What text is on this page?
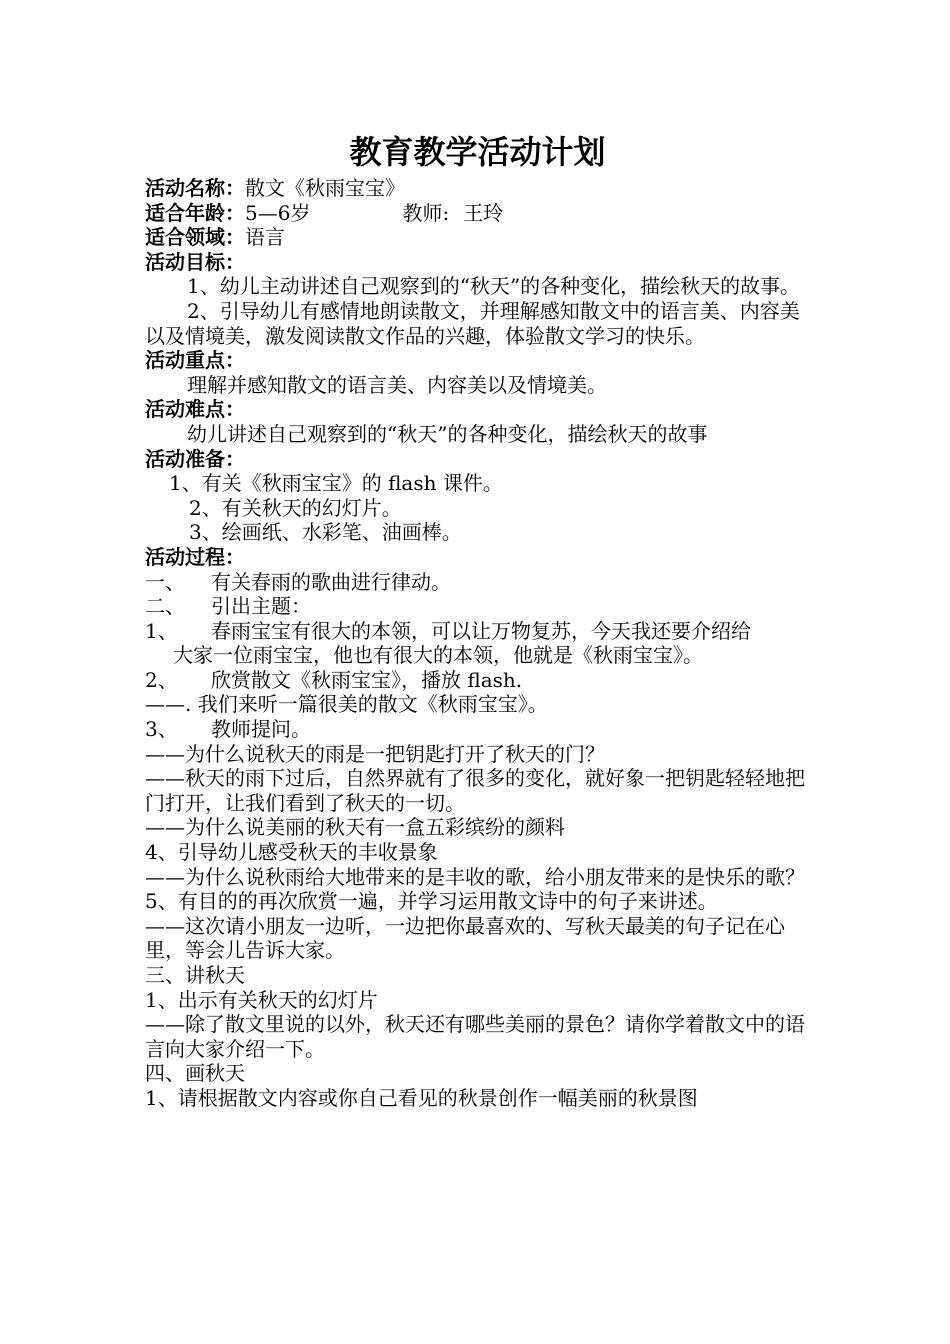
教育教学活动计划
活动名称：散文《秋雨宝宝》
适合年龄：5—6岁	教师: 王玲
适合领域：语言
活动目标：
1、幼儿主动讲述自己观察到的“秋天”的各种变化，描绘秋天的故事。
2、引导幼儿有感情地朗读散文，并理解感知散文中的语言美、内容美以及情境美，激发阅读散文作品的兴趣，体验散文学习的快乐。
活动重点：
理解并感知散文的语言美、内容美以及情境美。
活动难点：
幼儿讲述自己观察到的“秋天”的各种变化，描绘秋天的故事
活动准备：
1、有关《秋雨宝宝》的 flash 课件。
2、有关秋天的幻灯片。
3、绘画纸、水彩笔、油画棒。
活动过程：
一、 有关春雨的歌曲进行律动。
二、 引出主题：
1、 春雨宝宝有很大的本领，可以让万物复苏，今天我还要介绍给
大家一位雨宝宝，他也有很大的本领，他就是《秋雨宝宝》。
2、 欣赏散文《秋雨宝宝》，播放 flash.
——. 我们来听一篇很美的散文《秋雨宝宝》。
3、 教师提问。
——为什么说秋天的雨是一把钥匙打开了秋天的门？
——秋天的雨下过后，自然界就有了很多的变化，就好象一把钥匙轻轻地把门打开，让我们看到了秋天的一切。
——为什么说美丽的秋天有一盒五彩缤纷的颜料
4、引导幼儿感受秋天的丰收景象
——为什么说秋雨给大地带来的是丰收的歌，给小朋友带来的是快乐的歌？
5、有目的的再次欣赏一遍，并学习运用散文诗中的句子来讲述。
——这次请小朋友一边听，一边把你最喜欢的、写秋天最美的句子记在心里，等会儿告诉大家。
三、讲秋天
1、出示有关秋天的幻灯片
——除了散文里说的以外，秋天还有哪些美丽的景色？请你学着散文中的语言向大家介绍一下。
四、画秋天
1、请根据散文内容或你自己看见的秋景创作一幅美丽的秋景图
